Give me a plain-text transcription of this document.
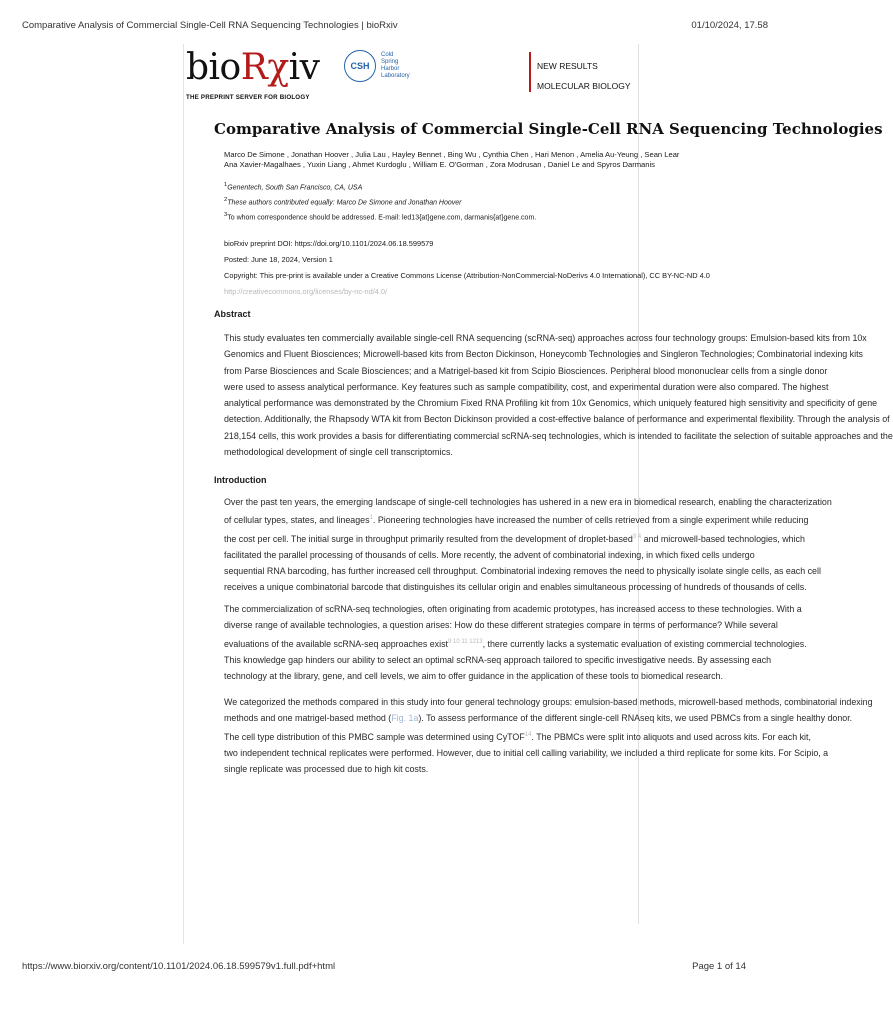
Comparative Analysis of Commercial Single-Cell RNA Sequencing Technologies | bioRxiv	01/10/2024, 17.58
bioRχiv
THE PREPRINT SERVER FOR BIOLOGY
CSH
Cold
Spring
Harbor
Laboratory
NEW RESULTS
MOLECULAR BIOLOGY
Comparative Analysis of Commercial Single-Cell RNA Sequencing Technologies
Marco De Simone , Jonathan Hoover , Julia Lau , Hayley Bennet , Bing Wu , Cynthia Chen , Hari Menon , Amelia Au-Yeung , Sean Lear
Ana Xavier-Magalhaes , Yuxin Liang , Ahmet Kurdoglu , William E. O'Gorman , Zora Modrusan , Daniel Le and Spyros Darmanis
$^1$Genentech, South San Francisco, CA, USA
$^2$These authors contributed equally: Marco De Simone and Jonathan Hoover
$^3$To whom correspondence should be addressed. E-mail: led13{at}gene.com, darmanis{at}gene.com.
bioRxiv preprint DOI: https://doi.org/10.1101/2024.06.18.599579
Posted: June 18, 2024, Version 1
Copyright: This pre-print is available under a Creative Commons License (Attribution-NonCommercial-NoDerivs 4.0 International), CC BY-NC-ND 4.0
http://creativecommons.org/licenses/by-nc-nd/4.0/
Abstract
This study evaluates ten commercially available single-cell RNA sequencing (scRNA-seq) approaches across four technology groups: Emulsion-based kits from 10x
Genomics and Fluent Biosciences; Microwell-based kits from Becton Dickinson, Honeycomb Technologies and Singleron Technologies; Combinatorial indexing kits
from Parse Biosciences and Scale Biosciences; and a Matrigel-based kit from Scipio Biosciences. Peripheral blood mononuclear cells from a single donor
were used to assess analytical performance. Key features such as sample compatibility, cost, and experimental duration were also compared. The highest
analytical performance was demonstrated by the Chromium Fixed RNA Profiling kit from 10x Genomics, which uniquely featured high sensitivity and specificity of gene
detection. Additionally, the Rhapsody WTA kit from Becton Dickinson provided a cost-effective balance of performance and experimental flexibility. Through the analysis of
218,154 cells, this work provides a basis for differentiating commercial scRNA-seq technologies, which is intended to facilitate the selection of suitable approaches and the
methodological development of single cell transcriptomics.
Introduction
Over the past ten years, the emerging landscape of single-cell technologies has ushered in a new era in biomedical research, enabling the characterization
of cellular types, states, and lineages$^1$. Pioneering technologies have increased the number of cells retrieved from a single experiment while reducing
the cost per cell. The initial surge in throughput primarily resulted from the development of droplet-based$^{3 4}$ and microwell-based technologies, which
facilitated the parallel processing of thousands of cells. More recently, the advent of combinatorial indexing, in which fixed cells undergo
sequential RNA barcoding, has further increased cell throughput. Combinatorial indexing removes the need to physically isolate single cells, as each cell
receives a unique combinatorial barcode that distinguishes its cellular origin and enables simultaneous processing of hundreds of thousands of cells.
The commercialization of scRNA-seq technologies, often originating from academic prototypes, has increased access to these technologies. With a
diverse range of available technologies, a question arises: How do these different strategies compare in terms of performance? While several
evaluations of the available scRNA-seq approaches exist$^{9 10 11 1213}$, there currently lacks a systematic evaluation of existing commercial technologies.
This knowledge gap hinders our ability to select an optimal scRNA-seq approach tailored to specific investigative needs. By assessing each
technology at the library, gene, and cell levels, we aim to offer guidance in the application of these tools to biomedical research.
We categorized the methods compared in this study into four general technology groups: emulsion-based methods, microwell-based methods, combinatorial indexing
methods and one matrigel-based method (Fig. 1a). To assess performance of the different single-cell RNAseq kits, we used PBMCs from a single healthy donor.
The cell type distribution of this PMBC sample was determined using CyTOF$^{14}$. The PBMCs were split into aliquots and used across kits. For each kit,
two independent technical replicates were performed. However, due to initial cell calling variability, we included a third replicate for some kits. For Scipio, a
single replicate was processed due to high kit costs.
https://www.biorxiv.org/content/10.1101/2024.06.18.599579v1.full.pdf+html	Page 1 of 14
